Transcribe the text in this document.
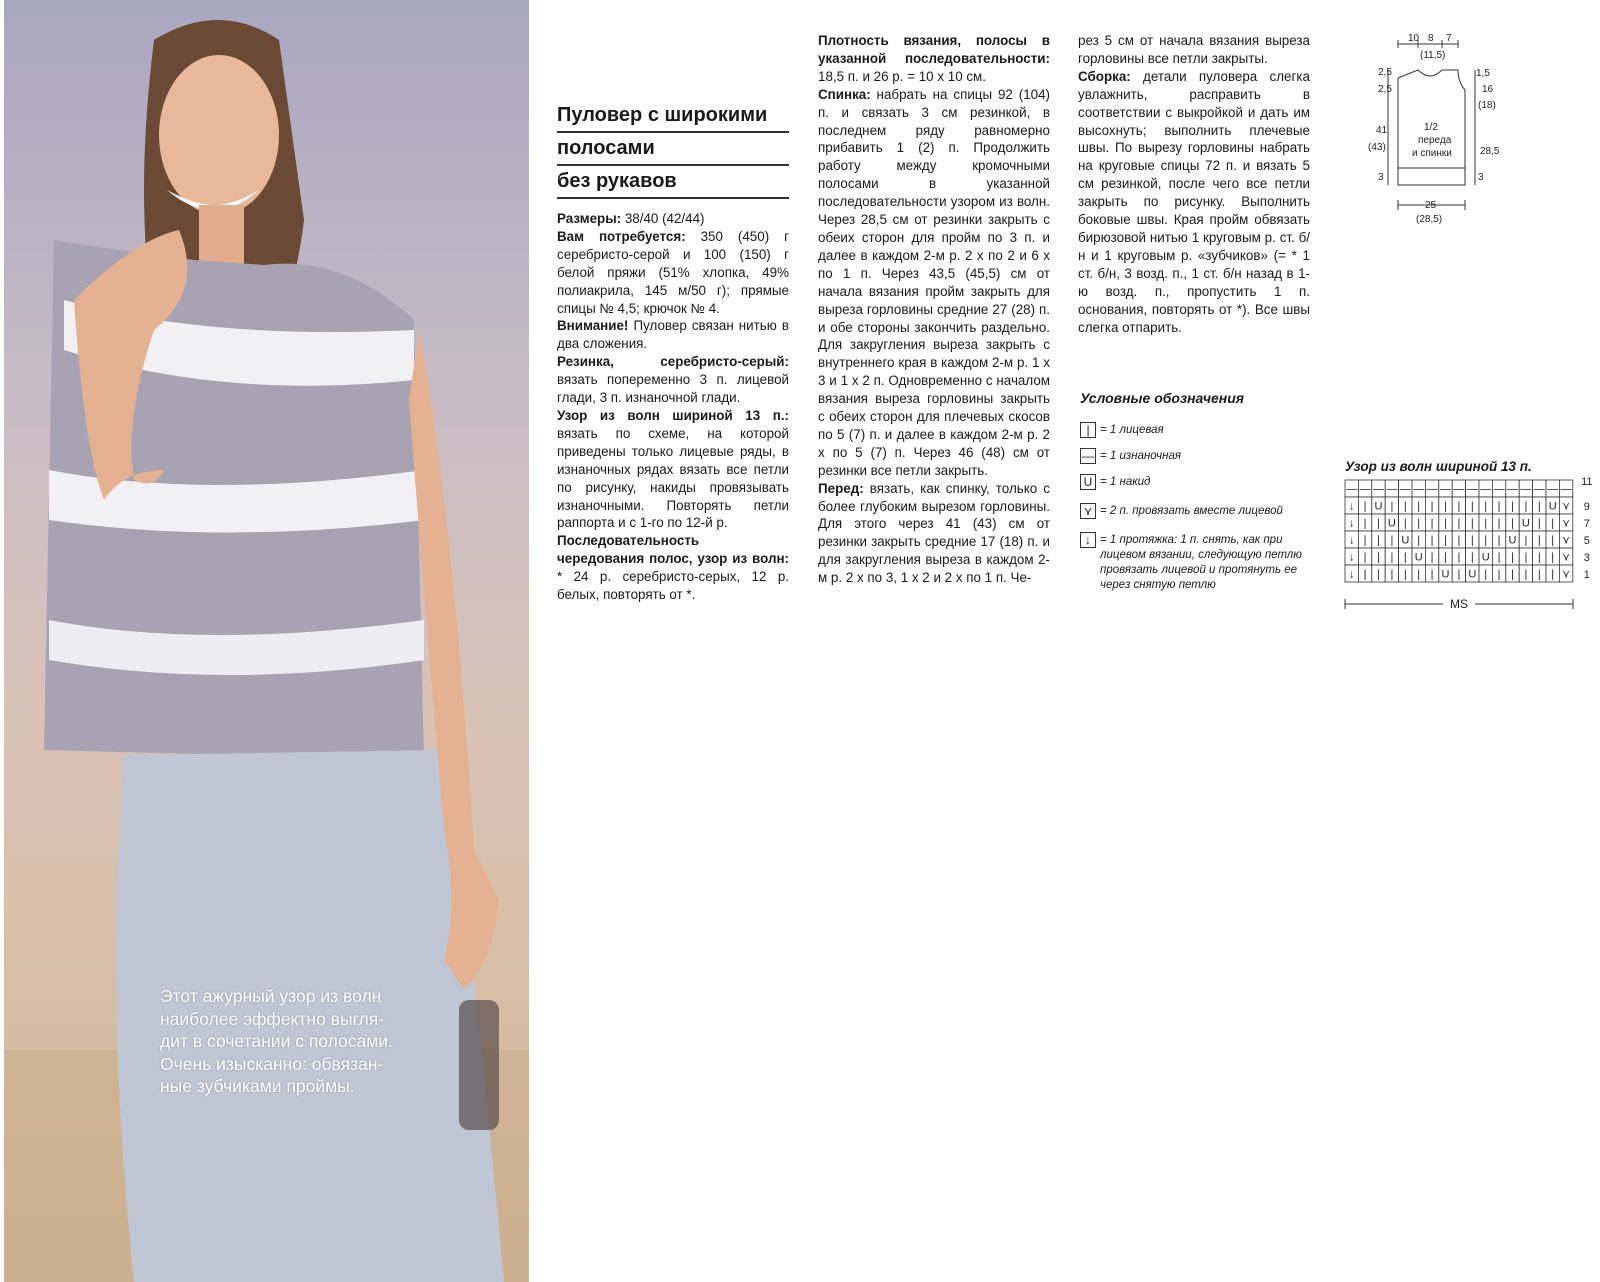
Этот ажурный узор из волн
наиболее эффектно выгля-
дит в сочетании с полосами.
Очень изысканно: обвязан-
ные зубчиками проймы.
Пуловер с широкими
полосами
без рукавов

Размеры: 38/40 (42/44)

Вам потребуется: 350 (450) г серебристо-серой и 100 (150) г белой пряжи (51% хлопка, 49% полиакрила, 145 м/50 г); прямые спицы № 4,5; крючок № 4.

Внимание! Пуловер связан нитью в два сложения.

Резинка, серебристо-серый: вязать попеременно 3 п. лицевой глади, 3 п. изнаночной глади.

Узор из волн шириной 13 п.: вязать по схеме, на которой приведены только лицевые ряды, в изнаночных рядах вязать все петли по рисунку, накиды провязывать изнаночными. Повторять петли раппорта и с 1-го по 12-й р.

Последовательность чередования полос, узор из волн: * 24 р. серебристо-серых, 12 р. белых, повторять от *.

Плотность вязания, полосы в указанной последовательности: 18,5 п. и 26 р. = 10 х 10 см.

Спинка: набрать на спицы 92 (104) п. и связать 3 см резинкой, в последнем ряду равномерно прибавить 1 (2) п. Продолжить работу между кромочными полосами в указанной последовательности узором из волн. Через 28,5 см от резинки закрыть с обеих сторон для пройм по 3 п. и далее в каждом 2-м р. 2 х по 2 и 6 х по 1 п. Через 43,5 (45,5) см от начала вязания пройм закрыть для выреза горловины средние 27 (28) п. и обе стороны закончить раздельно. Для закругления выреза закрыть с внутреннего края в каждом 2-м р. 1 х 3 и 1 х 2 п. Одновременно с началом вязания выреза горловины закрыть с обеих сторон для плечевых скосов по 5 (7) п. и далее в каждом 2-м р. 2 х по 5 (7) п. Через 46 (48) см от резинки все петли закрыть.

Перед: вязать, как спинку, только с более глубоким вырезом горловины. Для этого через 41 (43) см от резинки закрыть средние 17 (18) п. и для закругления выреза в каждом 2-м р. 2 х по 3, 1 х 2 и 2 х по 1 п. Че-

рез 5 см от начала вязания выреза горловины все петли закрыты.

Сборка: детали пуловера слегка увлажнить, расправить в соответствии с выкройкой и дать им высохнуть; выполнить плечевые швы. По вырезу горловины набрать на круговые спицы 72 п. и вязать 5 см резинкой, после чего все петли закрыть по рисунку. Выполнить боковые швы. Края пройм обвязать бирюзовой нитью 1 круговым р. ст. б/н и 1 круговым р. «зубчиков» (= * 1 ст. б/н, 3 возд. п., 1 ст. б/н назад в 1-ю возд. п., пропустить 1 п. основания, повторять от *). Все швы слегка отпарить.

10 8 7
(11,5)
2,5
2,5
41
(43)
3
1,5
16
(18)
28,5
3
1/2
переда
и спинки
25
(28,5)
Условные обозначения
| = 1 лицевая
— = 1 изнаночная
U = 1 накид
⋎ = 2 п. провязать вместе лицевой
↓ = 1 протяжка: 1 п. снять, как при лицевом вязании, следующую петлю провязать лицевой и протянуть ее через снятую петлю
Узор из волн шириной 13 п.
— — — — — — — — — — — — — — — — —
↓ | U | | | | | | | | | | | | U ⋎
↓ | | U | | | | | | | | | U | | ⋎
↓ | | | U | | | | | | | U | | | ⋎
↓ | | | | U | | | | U | | | | | ⋎
↓ | | | | | | U | U | | | | | | ⋎
11
9
7
5
3
1
MS
